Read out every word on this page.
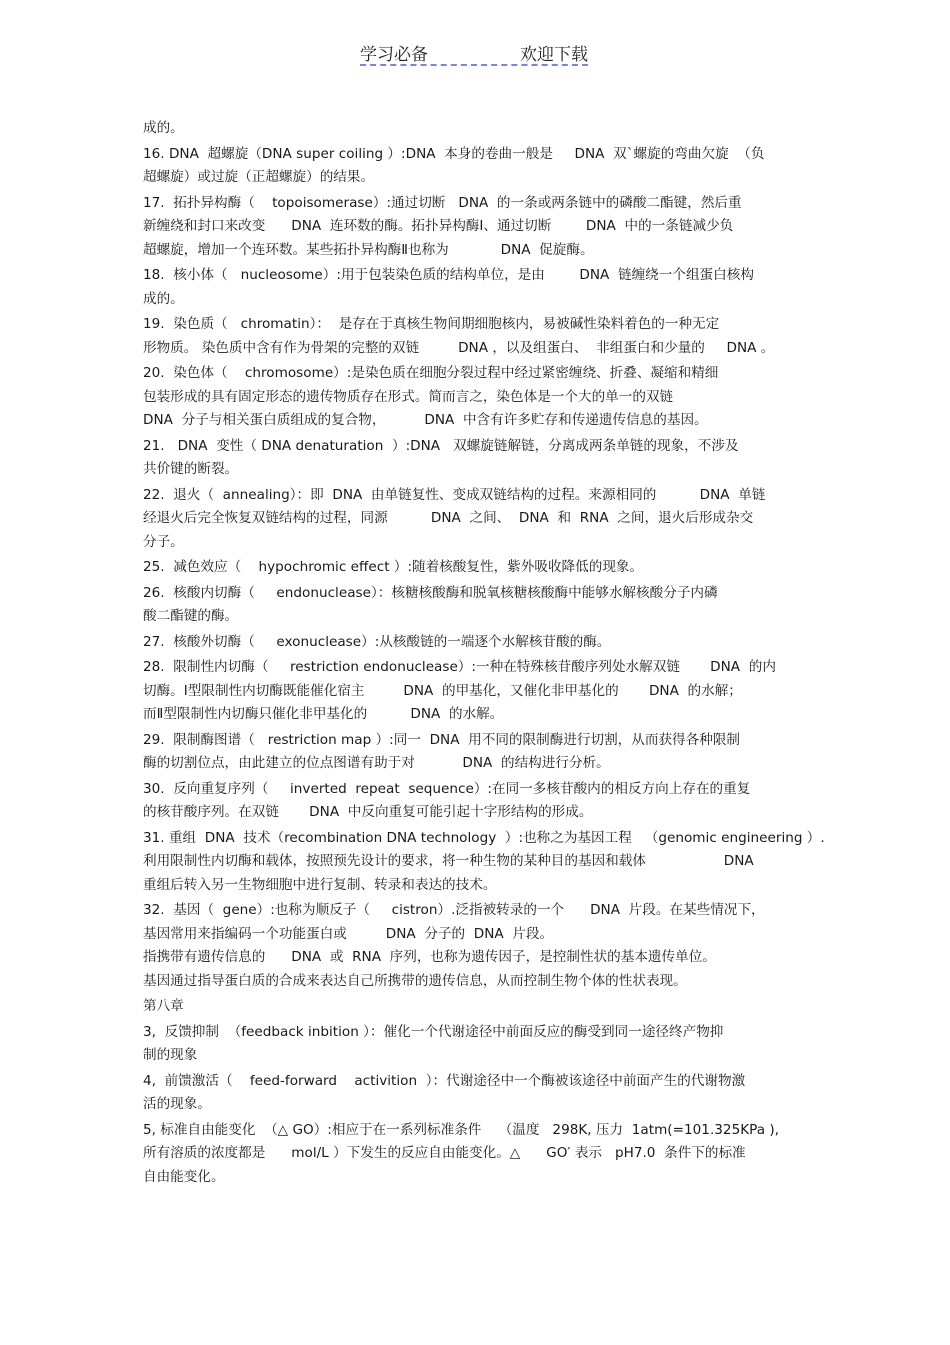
学习必备	欢迎下载
成的。
16. DNA  超螺旋（DNA super coiling ）:DNA  本身的卷曲一般是     DNA  双`螺旋的弯曲欠旋  （负
超螺旋）或过旋（正超螺旋）的结果。
17.  拓扑异构酶（    topoisomerase）:通过切断   DNA  的一条或两条链中的磷酸二酯键，然后重
新缠绕和封口来改变      DNA  连环数的酶。拓扑异构酶Ⅰ、通过切断        DNA  中的一条链减少负
超螺旋，增加一个连环数。某些拓扑异构酶Ⅱ也称为            DNA  促旋酶。
18.  核小体（   nucleosome）:用于包装染色质的结构单位，是由        DNA  链缠绕一个组蛋白核构
成的。
19.  染色质（   chromatin）：  是存在于真核生物间期细胞核内，易被碱性染料着色的一种无定
形物质。 染色质中含有作为骨架的完整的双链         DNA ，以及组蛋白、  非组蛋白和少量的     DNA 。
20.  染色体（    chromosome）:是染色质在细胞分裂过程中经过紧密缠绕、折叠、凝缩和精细
包装形成的具有固定形态的遗传物质存在形式。简而言之，染色体是一个大的单一的双链
DNA  分子与相关蛋白质组成的复合物，         DNA  中含有许多贮存和传递遗传信息的基因。
21.   DNA  变性（ DNA denaturation  ）:DNA   双螺旋链解链，分离成两条单链的现象，不涉及
共价键的断裂。
22.  退火（  annealing）：即  DNA  由单链复性、变成双链结构的过程。来源相同的          DNA  单链
经退火后完全恢复双链结构的过程，同源          DNA  之间、  DNA  和  RNA  之间，退火后形成杂交
分子。
25.  减色效应（    hypochromic effect ）:随着核酸复性，紫外吸收降低的现象。
26.  核酸内切酶（     endonuclease）：核糖核酸酶和脱氧核糖核酸酶中能够水解核酸分子内磷
酸二酯键的酶。
27.  核酸外切酶（     exonuclease）:从核酸链的一端逐个水解核苷酸的酶。
28.  限制性内切酶（     restriction endonuclease）:一种在特殊核苷酸序列处水解双链       DNA  的内
切酶。Ⅰ型限制性内切酶既能催化宿主         DNA  的甲基化，又催化非甲基化的       DNA  的水解；
而Ⅱ型限制性内切酶只催化非甲基化的          DNA  的水解。
29.  限制酶图谱（   restriction map ）:同一  DNA  用不同的限制酶进行切割，从而获得各种限制
酶的切割位点，由此建立的位点图谱有助于对           DNA  的结构进行分析。
30.  反向重复序列（     inverted  repeat  sequence）:在同一多核苷酸内的相反方向上存在的重复
的核苷酸序列。在双链       DNA  中反向重复可能引起十字形结构的形成。
31. 重组  DNA  技术（recombination DNA technology  ）:也称之为基因工程   （genomic engineering ）.
利用限制性内切酶和载体，按照预先设计的要求，将一种生物的某种目的基因和载体                  DNA
重组后转入另一生物细胞中进行复制、转录和表达的技术。
32.  基因（  gene）:也称为顺反子（     cistron）.泛指被转录的一个      DNA  片段。在某些情况下，
基因常用来指编码一个功能蛋白或         DNA  分子的  DNA  片段。
指携带有遗传信息的      DNA  或  RNA  序列，也称为遗传因子，是控制性状的基本遗传单位。
基因通过指导蛋白质的合成来表达自己所携带的遗传信息，从而控制生物个体的性状表现。
第八章
3,  反馈抑制  （feedback inbition ）：催化一个代谢途径中前面反应的酶受到同一途径终产物抑
制的现象
4,  前馈激活（    feed-forward    activition  ）：代谢途径中一个酶被该途径中前面产生的代谢物激
活的现象。
5, 标准自由能变化  （△ GO）:相应于在一系列标准条件    （温度   298K, 压力  1atm(=101.325KPa ),
所有溶质的浓度都是      mol/L ）下发生的反应自由能变化。△      GO′ 表示   pH7.0  条件下的标准
自由能变化。
